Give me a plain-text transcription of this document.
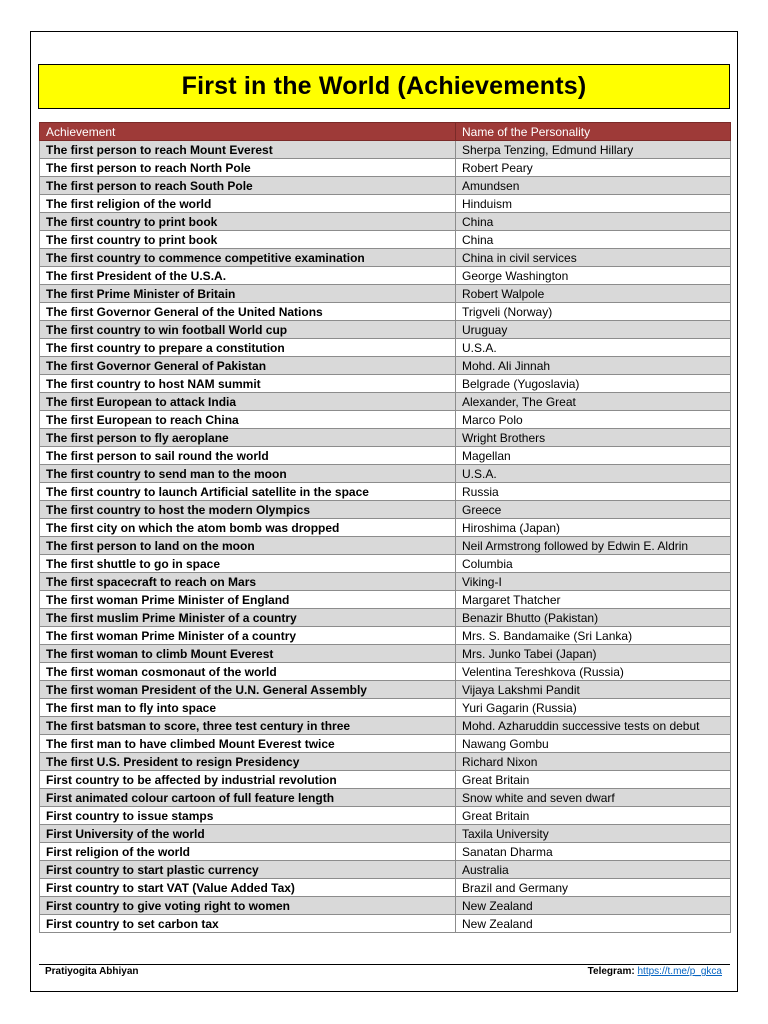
First in the World (Achievements)
Achievement	Name of the Personality
The first person to reach Mount Everest	Sherpa Tenzing, Edmund Hillary
The first person to reach North Pole	Robert Peary
The first person to reach South Pole	Amundsen
The first religion of the world	Hinduism
The first country to print book	China
The first country to print book	China
The first country to commence competitive examination	China in civil services
The first President of the U.S.A.	George Washington
The first Prime Minister of Britain	Robert Walpole
The first Governor General of the United Nations	Trigveli (Norway)
The first country to win football World cup	Uruguay
The first country to prepare a constitution	U.S.A.
The first Governor General of Pakistan	Mohd. Ali Jinnah
The first country to host NAM summit	Belgrade (Yugoslavia)
The first European to attack India	Alexander, The Great
The first European to reach China	Marco Polo
The first person to fly aeroplane	Wright Brothers
The first person to sail round the world	Magellan
The first country to send man to the moon	U.S.A.
The first country to launch Artificial satellite in the space	Russia
The first country to host the modern Olympics	Greece
The first city on which the atom bomb was dropped	Hiroshima (Japan)
The first person to land on the moon	Neil Armstrong followed by Edwin E. Aldrin
The first shuttle to go in space	Columbia
The first spacecraft to reach on Mars	Viking-I
The first woman Prime Minister of England	Margaret Thatcher
The first muslim Prime Minister of a country	Benazir Bhutto (Pakistan)
The first woman Prime Minister of a country	Mrs. S. Bandamaike (Sri Lanka)
The first woman to climb Mount Everest	Mrs. Junko Tabei (Japan)
The first woman cosmonaut of the world	Velentina Tereshkova (Russia)
The first woman President of the U.N. General Assembly	Vijaya Lakshmi Pandit
The first man to fly into space	Yuri Gagarin (Russia)
The first batsman to score, three test century in three	Mohd. Azharuddin successive tests on debut
The first man to have climbed Mount Everest twice	Nawang Gombu
The first U.S. President to resign Presidency	Richard Nixon
First country to be affected by industrial revolution	Great Britain
First animated colour cartoon of full feature length	Snow white and seven dwarf
First country to issue stamps	Great Britain
First University of the world	Taxila University
First religion of the world	Sanatan Dharma
First country to start plastic currency	Australia
First country to start VAT (Value Added Tax)	Brazil and Germany
First country to give voting right to women	New Zealand
First country to set carbon tax	New Zealand
Pratiyogita Abhiyan	Telegram: https://t.me/p_gkca
